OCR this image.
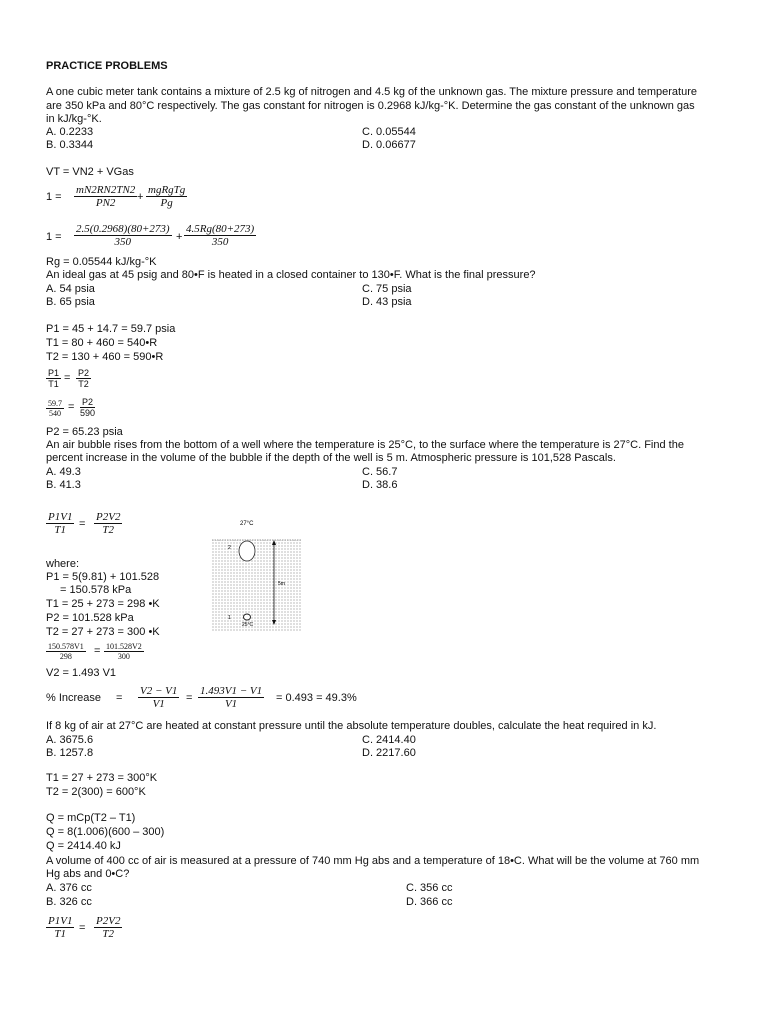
PRACTICE PROBLEMS
A one cubic meter tank contains a mixture of 2.5 kg of nitrogen and 4.5 kg of the unknown gas. The mixture pressure and temperature
are 350 kPa and 80°C respectively. The gas constant for nitrogen is 0.2968 kJ/kg-°K. Determine the gas constant of the unknown gas
in kJ/kg-°K.
A. 0.2233	C. 0.05544
B. 0.3344	D. 0.06677
VT = VN2 + VGas
$1 = \frac{mN2RN2TN2}{PN2}$ +
mgRgTg
Pg
$1 = \frac{2.5(0.2968)(80+273)}{350} + \frac{4.5Rg(80+273)}{350}$
Rg = 0.05544 kJ/kg-°K
An ideal gas at 45 psig and 80•F is heated in a closed container to 130•F. What is the final pressure?
A. 54 psia	C. 75 psia
B. 65 psia	D. 43 psia
P1 = 45 + 14.7 = 59.7 psia
T1 = 80 + 460 = 540•R
T2 = 130 + 460 = 590•R
$\frac{P1}{T1} = \frac{P2}{T2}$
$\frac{59.7}{540} = \frac{P2}{590}$
P2 = 65.23 psia
An air bubble rises from the bottom of a well where the temperature is 25°C, to the surface where the temperature is 27°C. Find the
percent increase in the volume of the bubble if the depth of the well is 5 m. Atmospheric pressure is 101,528 Pascals.
A. 49.3	C. 56.7
B. 41.3	D. 38.6
$\frac{P1V1}{T1} = \frac{P2V2}{T2}$
where:
P1 = 5(9.81) + 101.528
= 150.578 kPa
T1 = 25 + 273 = 298 •K
P2 = 101.528 kPa
T2 = 27 + 273 = 300 •K
$\frac{150.578V1}{298} = \frac{101.528V2}{300}$
V2 = 1.493 V1
% Increase = $\frac{V2 - V1}{V1} = \frac{1.493V1 - V1}{V1} = 0.493 = 49.3\%$
If 8 kg of air at 27°C are heated at constant pressure until the absolute temperature doubles, calculate the heat required in kJ.
A. 3675.6	C. 2414.40
B. 1257.8	D. 2217.60
T1 = 27 + 273 = 300°K
T2 = 2(300) = 600°K
Q = mCp(T2 – T1)
Q = 8(1.006)(600 – 300)
Q = 2414.40 kJ
A volume of 400 cc of air is measured at a pressure of 740 mm Hg abs and a temperature of 18•C. What will be the volume at 760 mm
Hg abs and 0•C?
A. 376 cc	C. 356 cc
B. 326 cc	D. 366 cc
$\frac{P1V1}{T1} = \frac{P2V2}{T2}$
27°C
2
5m
1
25°C
